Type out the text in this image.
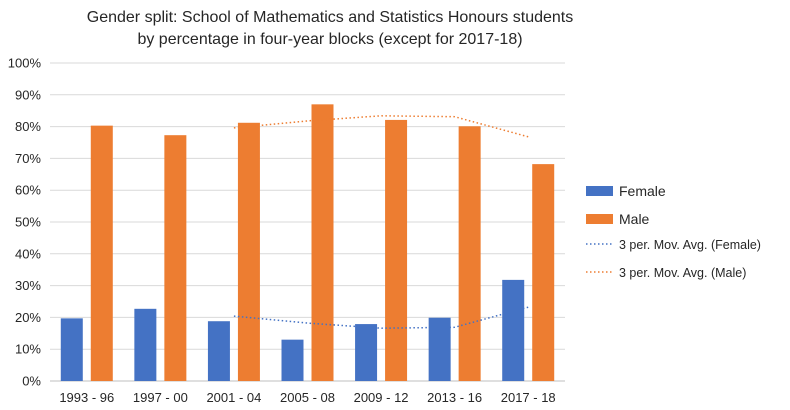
Gender split: School of Mathematics and Statistics Honours students
by percentage in four-year blocks (except for 2017-18)
0%
10%
20%
30%
40%
50%
60%
70%
80%
90%
100%
1993 - 96 1997 - 00 2001 - 04 2005 - 08 2009 - 12 2013 - 16 2017 - 18
Female
Male
3 per. Mov. Avg. (Female)
3 per. Mov. Avg. (Male)
